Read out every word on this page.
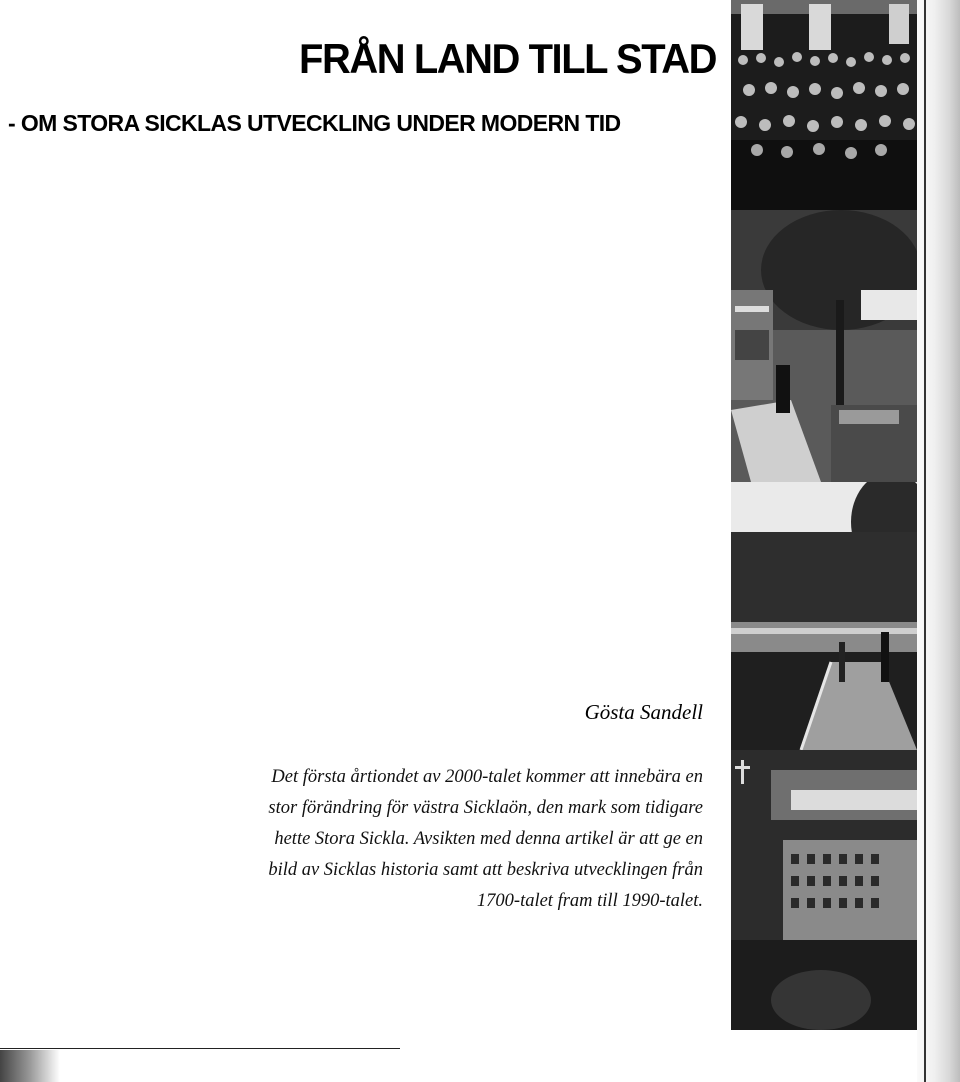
FRÅN LAND TILL STAD
- OM STORA SICKLAS UTVECKLING UNDER MODERN TID
Gösta Sandell
Det första årtiondet av 2000-talet kommer att innebära en
stor förändring för västra Sicklaön, den mark som tidigare
hette Stora Sickla. Avsikten med denna artikel är att ge en
bild av Sicklas historia samt att beskriva utvecklingen från
1700-talet fram till 1990-talet.
